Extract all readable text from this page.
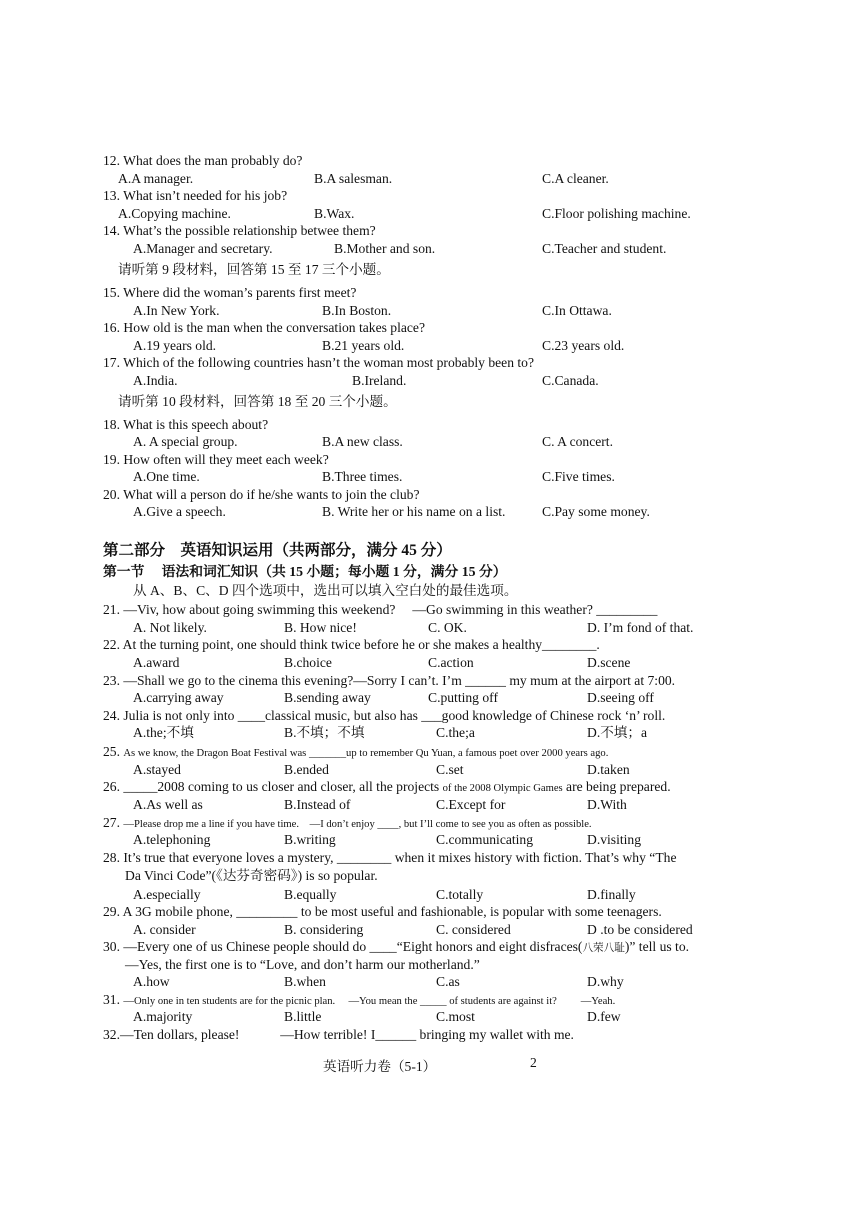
12. What does the man probably do?
A.A manager.	B.A salesman.	C.A cleaner.
13. What isn’t needed for his job?
A.Copying machine.	B.Wax.	C.Floor polishing machine.
14. What’s the possible relationship betwee them?
A.Manager and secretary.	B.Mother and son.	C.Teacher and student.
请听第 9 段材料，回答第 15 至 17 三个小题。
15. Where did the woman’s parents first meet?
A.In New York.	B.In Boston.	C.In Ottawa.
16. How old is the man when the conversation takes place?
A.19 years old.	B.21 years old.	C.23 years old.
17. Which of the following countries hasn’t the woman most probably been to?
A.India.	B.Ireland.	C.Canada.
请听第 10 段材料，回答第 18 至 20 三个小题。
18. What is this speech about?
A. A special group.	B.A new class.	C. A concert.
19. How often will they meet each week?
A.One time.	B.Three times.	C.Five times.
20. What will a person do if he/she wants to join the club?
A.Give a speech.	B. Write her or his name on a list.	C.Pay some money.
第二部分　英语知识运用（共两部分，满分 45 分）
第一节　 语法和词汇知识（共 15 小题；每小题 1 分，满分 15 分）
从 A、B、C、D 四个选项中，选出可以填入空白处的最佳选项。
21. —Viv, how about going swimming this weekend?　 —Go swimming in this weather? _________
A. Not likely.	B. How nice!	C. OK.	D. I’m fond of that.
22. At the turning point, one should think twice before he or she makes a healthy________.
A.award	B.choice	C.action	D.scene
23. —Shall we go to the cinema this evening?—Sorry I can’t. I’m ______ my mum at the airport at 7:00.
A.carrying away	B.sending away	C.putting off	D.seeing off
24. Julia is not only into ____classical music, but also has ___good knowledge of Chinese rock ‘n’ roll.
A.the;不填	B.不填；不填	C.the;a	D.不填；a
25. As we know, the Dragon Boat Festival was _______up to remember Qu Yuan, a famous poet over 2000 years ago.
A.stayed	B.ended	C.set	D.taken
26. _____2008 coming to us closer and closer, all the projects of the 2008 Olympic Games are being prepared.
A.As well as	B.Instead of	C.Except for	D.With
27. —Please drop me a line if you have time.　—I don’t enjoy ____, but I’ll come to see you as often as possible.
A.telephoning	B.writing	C.communicating	D.visiting
28. It’s true that everyone loves a mystery, ________ when it mixes history with fiction. That’s why “The
Da Vinci Code”(《达芬奇密码》) is so popular.
A.especially	B.equally	C.totally	D.finally
29. A 3G mobile phone, _________ to be most useful and fashionable, is popular with some teenagers.
A. consider	B. considering	C. considered	D .to be considered
30. —Every one of us Chinese people should do ____“Eight honors and eight disfraces(八荣八耻)” tell us to.
—Yes, the first one is to “Love, and don’t harm our motherland.”
A.how	B.when	C.as	D.why
31. —Only one in ten students are for the picnic plan.　 —You mean the _____ of students are against it?　　 —Yeah.
A.majority	B.little	C.most	D.few
32.—Ten dollars, please!　　　—How terrible! I______ bringing my wallet with me.
英语听力卷（5-1）	2
